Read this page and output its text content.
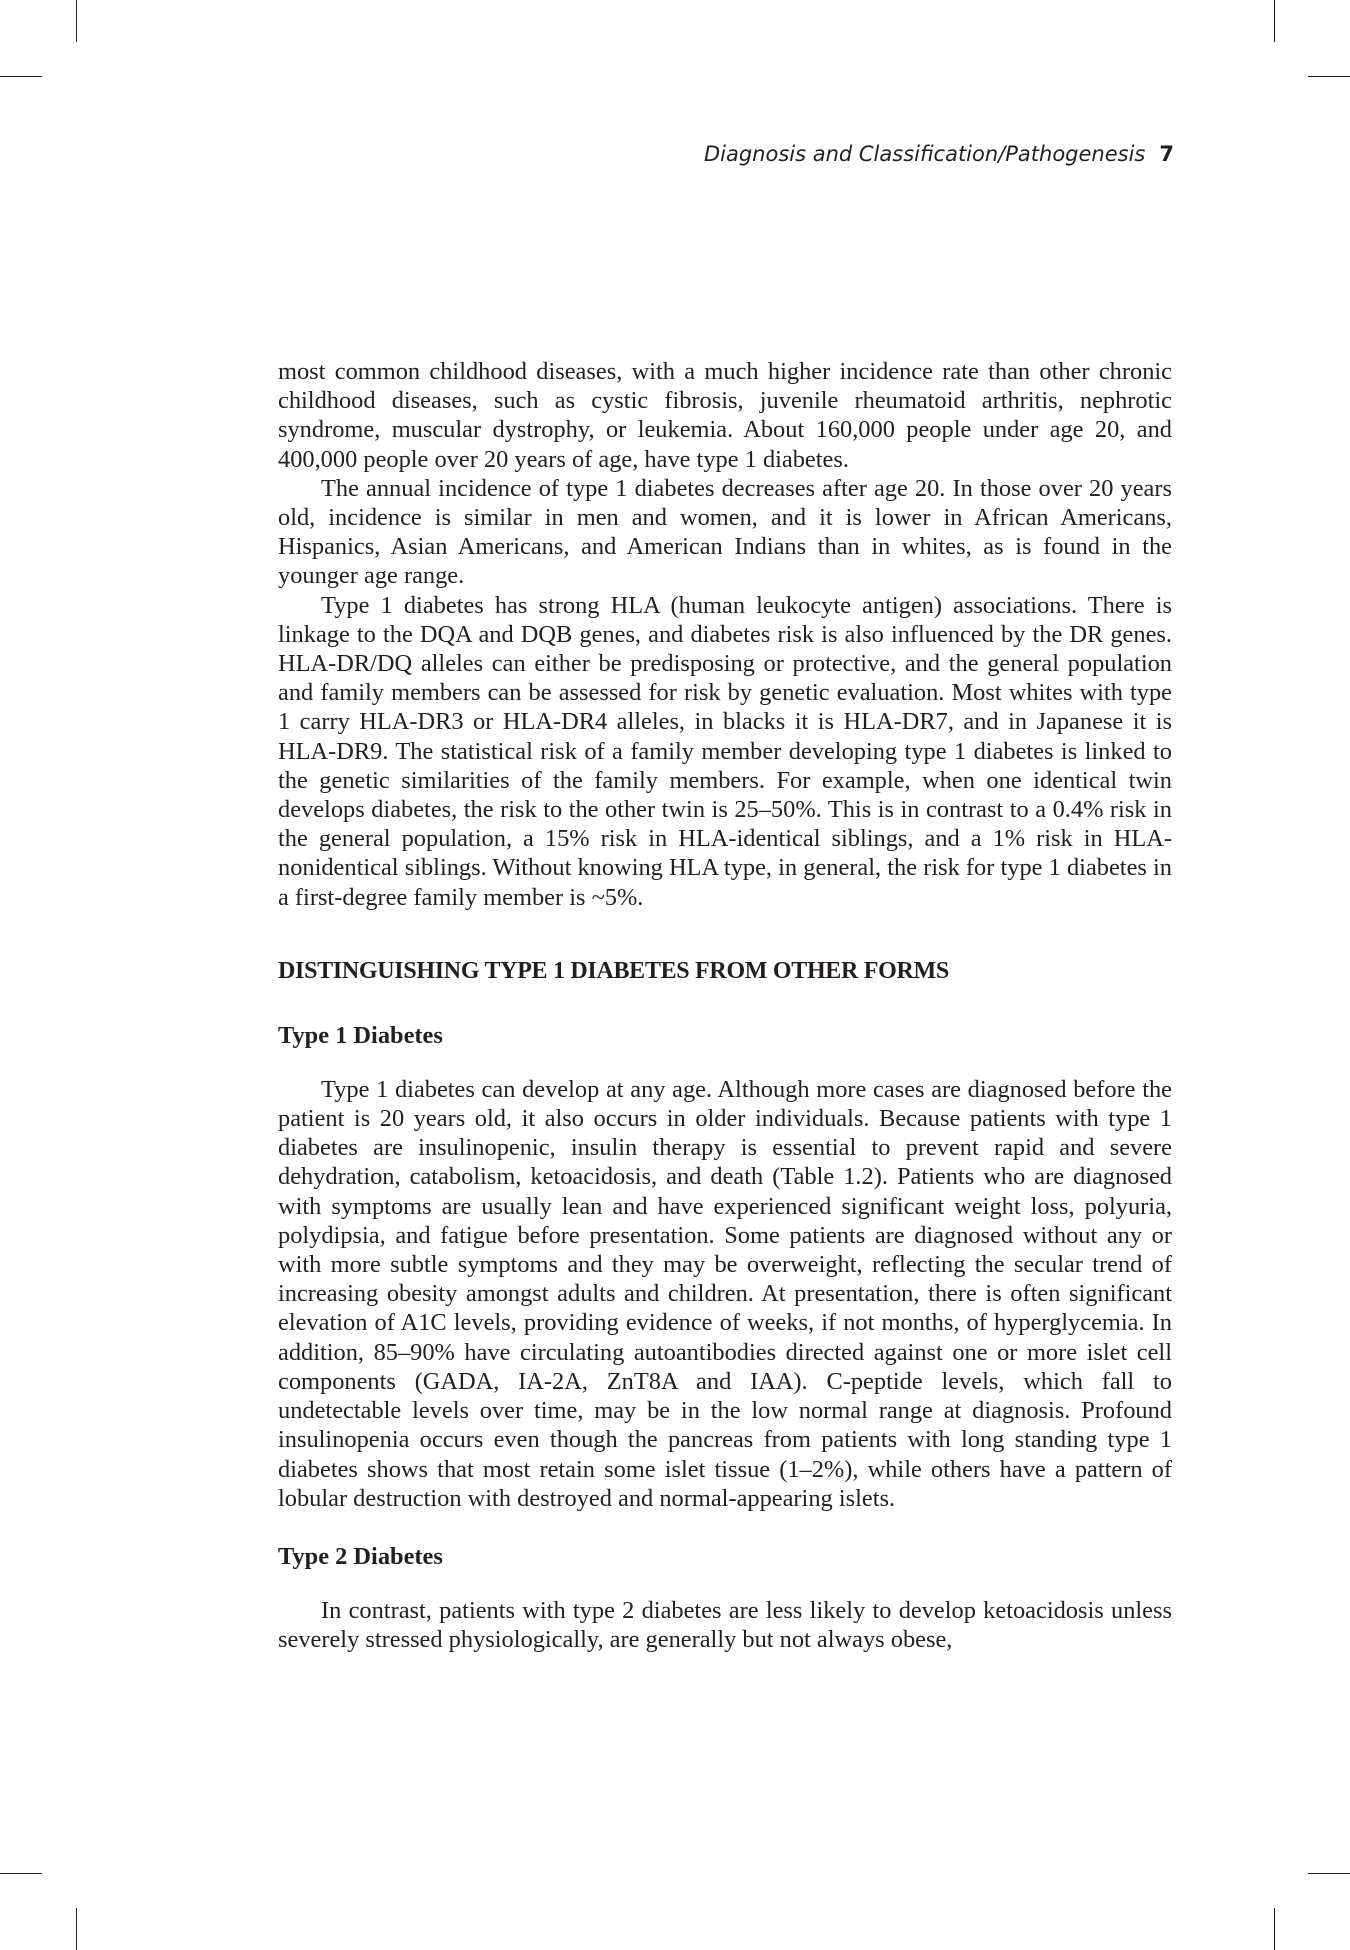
Diagnosis and Classification/Pathogenesis 7

most common childhood diseases, with a much higher incidence rate than other chronic childhood diseases, such as cystic fibrosis, juvenile rheumatoid arthritis, nephrotic syndrome, muscular dystrophy, or leukemia. About 160,000 people under age 20, and 400,000 people over 20 years of age, have type 1 diabetes.

The annual incidence of type 1 diabetes decreases after age 20. In those over 20 years old, incidence is similar in men and women, and it is lower in African Americans, Hispanics, Asian Americans, and American Indians than in whites, as is found in the younger age range.

Type 1 diabetes has strong HLA (human leukocyte antigen) associations. There is linkage to the DQA and DQB genes, and diabetes risk is also influenced by the DR genes. HLA-DR/DQ alleles can either be predisposing or protective, and the general population and family members can be assessed for risk by genetic evaluation. Most whites with type 1 carry HLA-DR3 or HLA-DR4 alleles, in blacks it is HLA-DR7, and in Japanese it is HLA-DR9. The statistical risk of a family member developing type 1 diabetes is linked to the genetic similarities of the family members. For example, when one identical twin develops diabetes, the risk to the other twin is 25–50%. This is in contrast to a 0.4% risk in the general population, a 15% risk in HLA-identical siblings, and a 1% risk in HLA-nonidentical siblings. Without knowing HLA type, in general, the risk for type 1 diabetes in a first-degree family member is ~5%.

DISTINGUISHING TYPE 1 DIABETES FROM OTHER FORMS
Type 1 Diabetes

Type 1 diabetes can develop at any age. Although more cases are diagnosed before the patient is 20 years old, it also occurs in older individuals. Because patients with type 1 diabetes are insulinopenic, insulin therapy is essential to prevent rapid and severe dehydration, catabolism, ketoacidosis, and death (Table 1.2). Patients who are diagnosed with symptoms are usually lean and have experienced significant weight loss, polyuria, polydipsia, and fatigue before presentation. Some patients are diagnosed without any or with more subtle symptoms and they may be overweight, reflecting the secular trend of increasing obesity amongst adults and children. At presentation, there is often significant elevation of A1C levels, providing evidence of weeks, if not months, of hyperglycemia. In addition, 85–90% have circulating autoantibodies directed against one or more islet cell components (GADA, IA-2A, ZnT8A and IAA). C-peptide levels, which fall to undetectable levels over time, may be in the low normal range at diagnosis. Profound insulinopenia occurs even though the pancreas from patients with long standing type 1 diabetes shows that most retain some islet tissue (1–2%), while others have a pattern of lobular destruction with destroyed and normal-appearing islets.

Type 2 Diabetes

In contrast, patients with type 2 diabetes are less likely to develop ketoacidosis unless severely stressed physiologically, are generally but not always obese,
